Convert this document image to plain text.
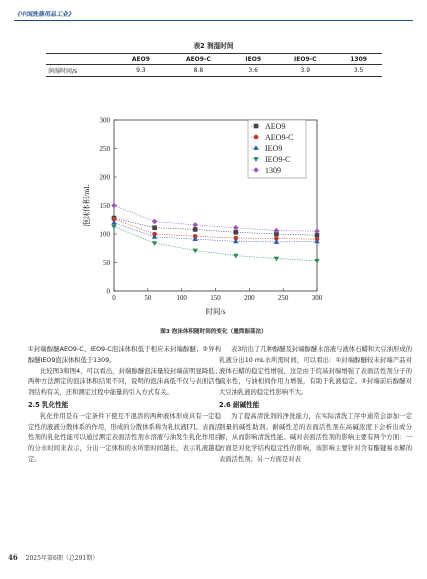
《中国洗涤用品工业》
表2 润湿时间
	AEO9	AEO9-C	IEO9	IEO9-C	1309
润湿时间/s	9.3	8.8	3.6	3.9	3.5
0	50	100	150	200	250	300
0
50
100
150
200
250
300
时间/s
泡沫体积/mL
AEO9
AEO9-C
IEO9
IEO9-C
1309
图3 泡沫体积随时间的变化（量筒振荡法）

①封端醇醚AEO9-C、IEO9-C泡沫体积低于相应未封端醇醚；②异构醇醚IEO9泡沫体积低于1309。

比较图3和图4，可以看出，封端醇醚泡沫量较封端前明显降低；两种方法测定的泡沫体积结果不同，说明的泡沫高低不仅与表面活性剂结构有关，还和测定过程中能量的引入方式有关。

2.5 乳化性能

乳化作用是在一定条件下使互不混溶的两种液体形成具有一定稳定性的液液分散体系的作用，形成的分散体系称为乳状液[7]。表面活性剂的乳化性能可以通过测定表面活性剂水溶液与油发生乳化作用后的分水时间来表示，分出一定体积的水所需时间越长，表示乳液越稳定。

表3给出了几种醇醚及封端醇醚水溶液与液体石蜡和大豆油形成的乳液分出10 mL水所需时间，可以看出：①封端醇醚较未封端产品对液体石蜡的稳定性增强，这是由于烷基封端增强了表面活性剂分子的疏水性，与油相间作用力增强，有助于乳液稳定。②封端前后醇醚对大豆油乳液的稳定性影响不大。

2.6 耐碱性能

为了提高清洗剂的净洗能力，在实际清洗工序中通常会添加一定剂量的碱性助剂。耐碱性差的表面活性剂在高碱浓度下会析出或分解，从而影响清洗性能。碱对表面活性剂的影响主要有两个方面：一方面是对化学结构稳定性的影响，该影响主要针对含有酯键易水解的表面活性剂；另一方面是对表

46 2025年第6期（总291期）
